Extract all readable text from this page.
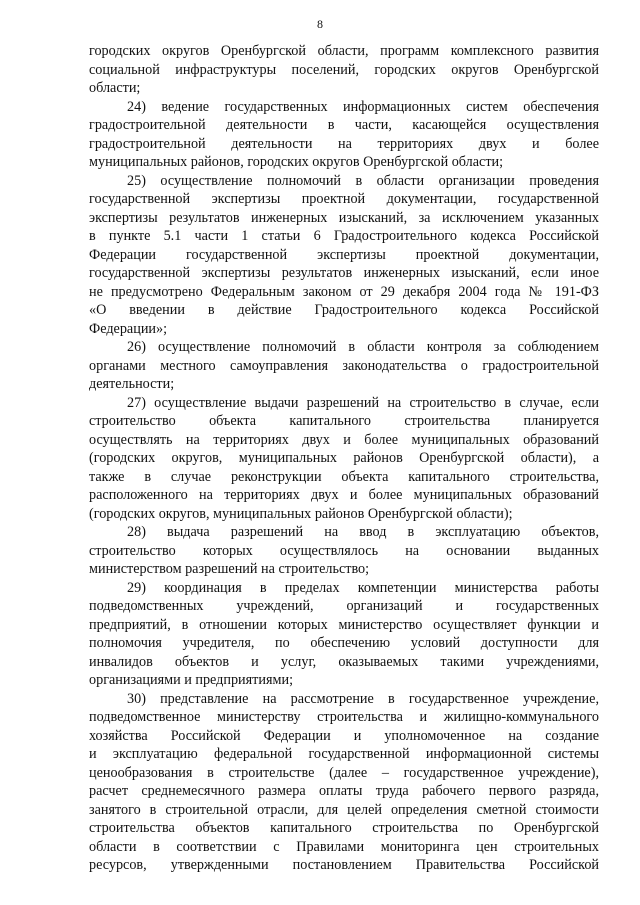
8
городских округов Оренбургской области, программ комплексного развития
социальной инфраструктуры поселений, городских округов Оренбургской
области;
24) ведение государственных информационных систем обеспечения
градостроительной деятельности в части, касающейся осуществления
градостроительной деятельности на территориях двух и более
муниципальных районов, городских округов Оренбургской области;
25) осуществление полномочий в области организации проведения
государственной экспертизы проектной документации, государственной
экспертизы результатов инженерных изысканий, за исключением указанных
в пункте 5.1 части 1 статьи 6 Градостроительного кодекса Российской
Федерации государственной экспертизы проектной документации,
государственной экспертизы результатов инженерных изысканий, если иное
не предусмотрено Федеральным законом от 29 декабря 2004 года № 191-ФЗ
«О введении в действие Градостроительного кодекса Российской
Федерации»;
26) осуществление полномочий в области контроля за соблюдением
органами местного самоуправления законодательства о градостроительной
деятельности;
27) осуществление выдачи разрешений на строительство в случае, если
строительство объекта капитального строительства планируется
осуществлять на территориях двух и более муниципальных образований
(городских округов, муниципальных районов Оренбургской области), а
также в случае реконструкции объекта капитального строительства,
расположенного на территориях двух и более муниципальных образований
(городских округов, муниципальных районов Оренбургской области);
28) выдача разрешений на ввод в эксплуатацию объектов,
строительство которых осуществлялось на основании выданных
министерством разрешений на строительство;
29) координация в пределах компетенции министерства работы
подведомственных учреждений, организаций и государственных
предприятий, в отношении которых министерство осуществляет функции и
полномочия учредителя, по обеспечению условий доступности для
инвалидов объектов и услуг, оказываемых такими учреждениями,
организациями и предприятиями;
30) представление на рассмотрение в государственное учреждение,
подведомственное министерству строительства и жилищно-коммунального
хозяйства Российской Федерации и уполномоченное на создание
и эксплуатацию федеральной государственной информационной системы
ценообразования в строительстве (далее – государственное учреждение),
расчет среднемесячного размера оплаты труда рабочего первого разряда,
занятого в строительной отрасли, для целей определения сметной стоимости
строительства объектов капитального строительства по Оренбургской
области в соответствии с Правилами мониторинга цен строительных
ресурсов, утвержденными постановлением Правительства Российской
